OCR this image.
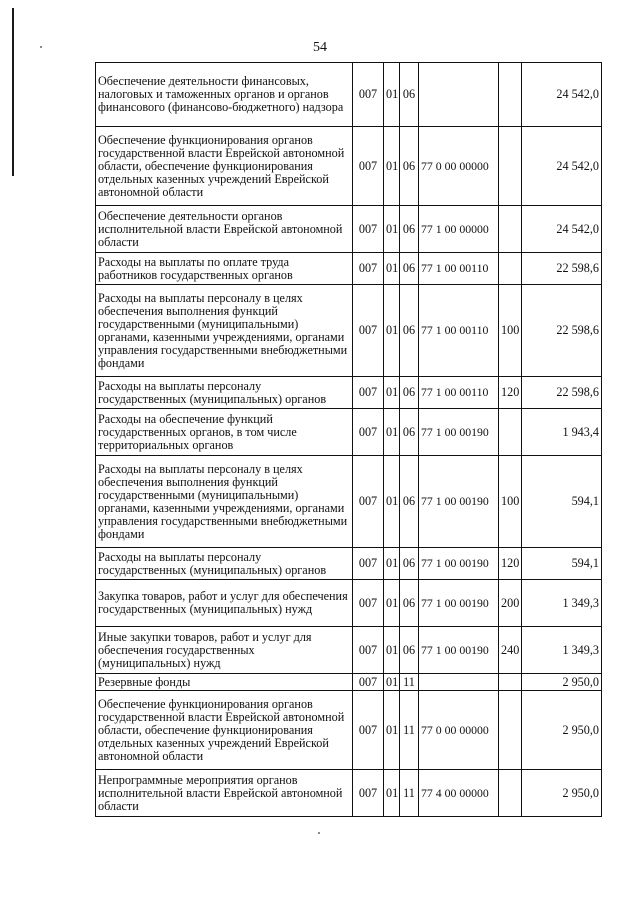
54
Обеспечение деятельности финансовых, налоговых и таможенных органов и органов финансового (финансово-бюджетного) надзора	007	01	06			24 542,0
Обеспечение функционирования органов государственной власти Еврейской автономной области, обеспечение функционирования отдельных казенных учреждений Еврейской автономной области	007	01	06	77 0 00 00000		24 542,0
Обеспечение деятельности органов исполнительной власти Еврейской автономной области	007	01	06	77 1 00 00000		24 542,0
Расходы на выплаты по оплате труда работников государственных органов	007	01	06	77 1 00 00110		22 598,6
Расходы на выплаты персоналу в целях обеспечения выполнения функций государственными (муниципальными) органами, казенными учреждениями, органами управления государственными внебюджетными фондами	007	01	06	77 1 00 00110	100	22 598,6
Расходы на выплаты персоналу государственных (муниципальных) органов	007	01	06	77 1 00 00110	120	22 598,6
Расходы на обеспечение функций государственных органов, в том числе территориальных органов	007	01	06	77 1 00 00190		1 943,4
Расходы на выплаты персоналу в целях обеспечения выполнения функций государственными (муниципальными) органами, казенными учреждениями, органами управления государственными внебюджетными фондами	007	01	06	77 1 00 00190	100	594,1
Расходы на выплаты персоналу государственных (муниципальных) органов	007	01	06	77 1 00 00190	120	594,1
Закупка товаров, работ и услуг для обеспечения государственных (муниципальных) нужд	007	01	06	77 1 00 00190	200	1 349,3
Иные закупки товаров, работ и услуг для обеспечения государственных (муниципальных) нужд	007	01	06	77 1 00 00190	240	1 349,3
Резервные фонды	007	01	11			2 950,0
Обеспечение функционирования органов государственной власти Еврейской автономной области, обеспечение функционирования отдельных казенных учреждений Еврейской автономной области	007	01	11	77 0 00 00000		2 950,0
Непрограммные мероприятия органов исполнительной власти Еврейской автономной области	007	01	11	77 4 00 00000		2 950,0
